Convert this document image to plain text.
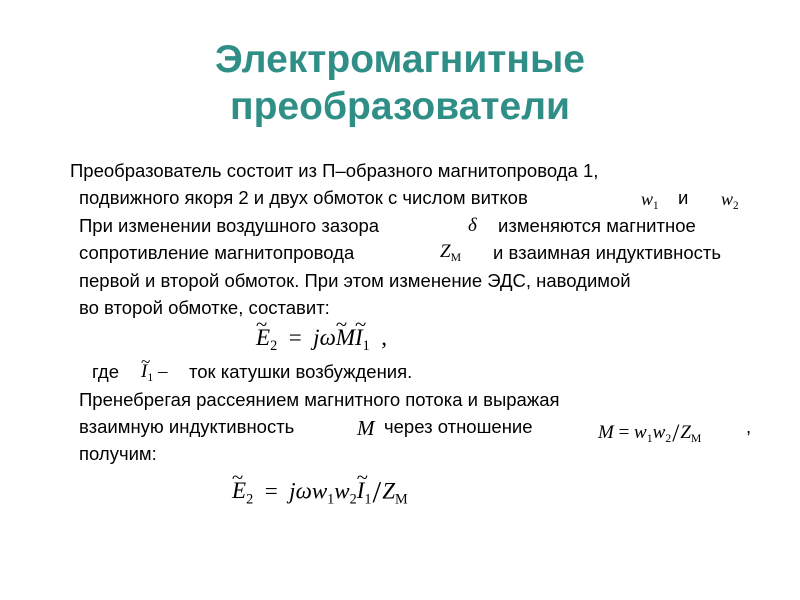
Электромагнитные
преобразователи
Преобразователь состоит из П–образного магнитопровода 1,
подвижного якоря 2 и двух обмоток с числом витков	$w_1$ и $w_2$
При изменении воздушного зазора	δ изменяются магнитное
сопротивление магнитопровода	$Z_M$ и взаимная индуктивность
первой и второй обмоток. При этом изменение ЭДС, наводимой
во второй обмотке, составит:
~ $E_2$ = jω~ M~ $I_1$ ,
где
~ $I_1$ – ток катушки возбуждения.
Пренебрегая рассеянием магнитного потока и выражая
взаимную индуктивность	M через отношение	$M = w_1w_2/Z_M$
,
получим:
~ $E_2$ = $j\omega w_1w_2\sim$ $I_1/Z_M$
